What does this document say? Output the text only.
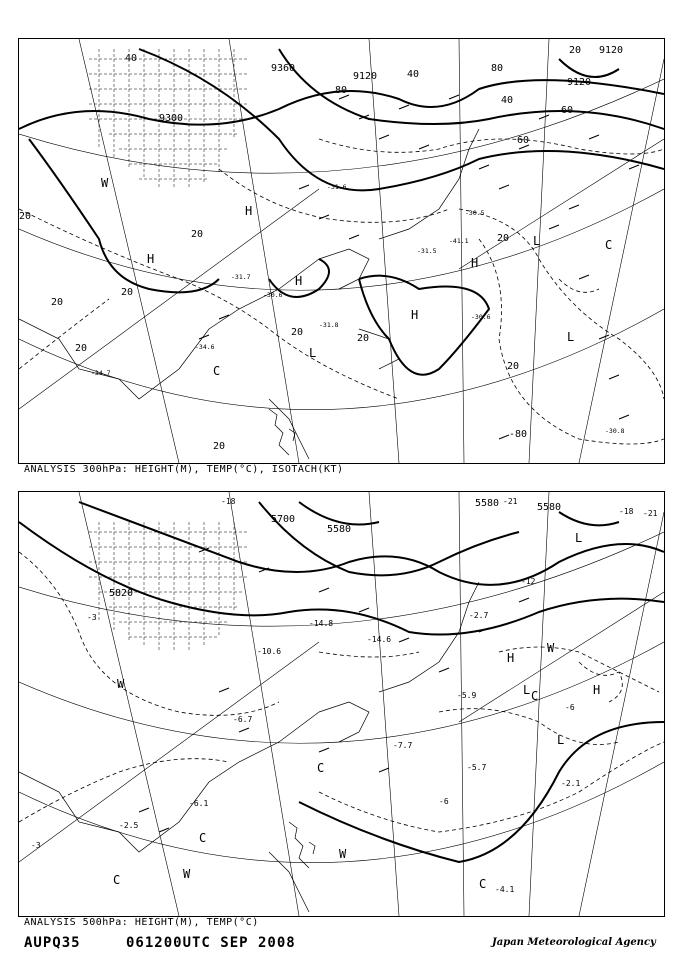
9300
9360
9120
9120
9120
H
H
H
H
H
L
L
L
C
C
W
40
40
40
20
20
20
20
20
20
20
20
20
20
20
60
60
80
80
-80
-41.1
-31.5
-30.5
-31.6
-31.7
-30.6
-31.8
-34.6
-34.7
-30.6
-30.8
ANALYSIS 300hPa: HEIGHT(M), TEMP(°C), ISOTACH(KT)
5820
5700
5580
5580	5580
H
H
L
L
L
W
W
W
W
C
C	C
C
C
-18
-18
-21
-21
-12
-6
-6
-3
-3
-2.1
-2.5
-4.1
-5.7
-6.1
-14.6
-14.8
-10.6
-2.7
-7.7
-6.7
-5.9
ANALYSIS 500hPa: HEIGHT(M), TEMP(°C)
AUPQ35	061200UTC SEP 2008	Japan Meteorological Agency
